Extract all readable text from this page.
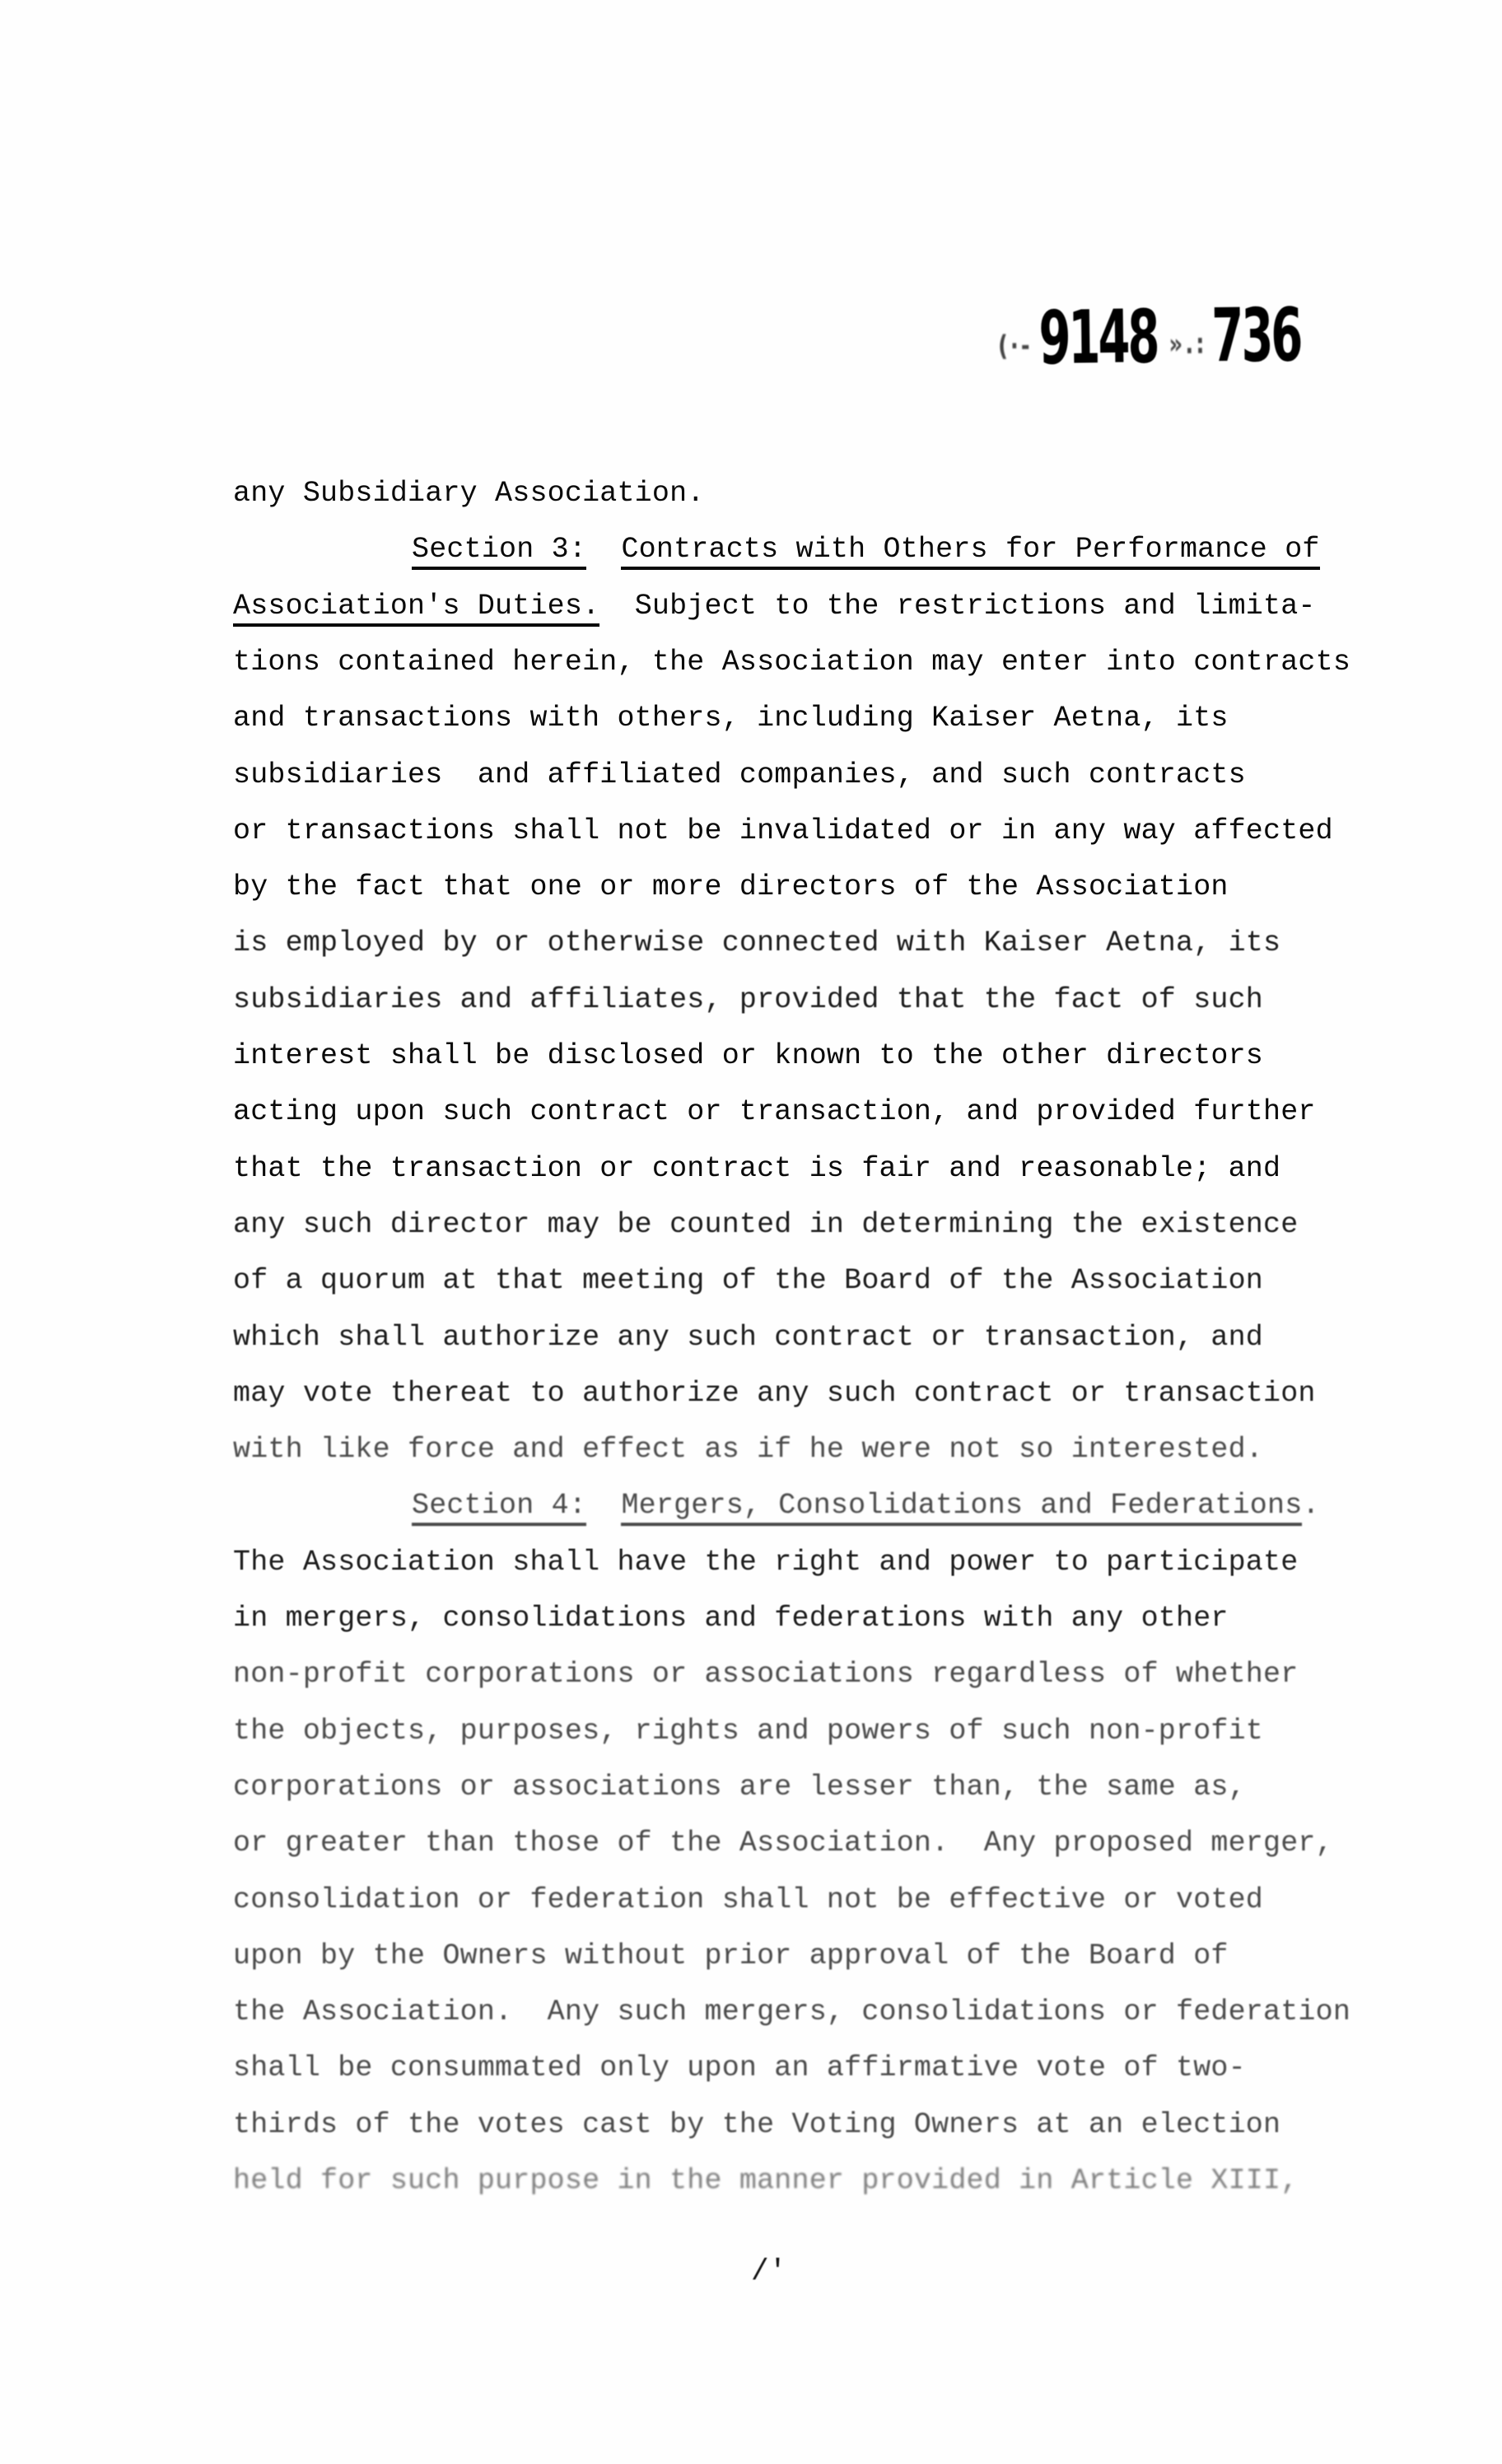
(·- 9148 ».:736
any Subsidiary Association.
Section 3: Contracts with Others for Performance of
Association's Duties.  Subject to the restrictions and limita-
tions contained herein, the Association may enter into contracts
and transactions with others, including Kaiser Aetna, its
subsidiaries  and affiliated companies, and such contracts
or transactions shall not be invalidated or in any way affected
by the fact that one or more directors of the Association
is employed by or otherwise connected with Kaiser Aetna, its
subsidiaries and affiliates, provided that the fact of such
interest shall be disclosed or known to the other directors
acting upon such contract or transaction, and provided further
that the transaction or contract is fair and reasonable; and
any such director may be counted in determining the existence
of a quorum at that meeting of the Board of the Association
which shall authorize any such contract or transaction, and
may vote thereat to authorize any such contract or transaction
with like force and effect as if he were not so interested.
Section 4: Mergers, Consolidations and Federations.
The Association shall have the right and power to participate
in mergers, consolidations and federations with any other
non-profit corporations or associations regardless of whether
the objects, purposes, rights and powers of such non-profit
corporations or associations are lesser than, the same as,
or greater than those of the Association.  Any proposed merger,
consolidation or federation shall not be effective or voted
upon by the Owners without prior approval of the Board of
the Association.  Any such mergers, consolidations or federation
shall be consummated only upon an affirmative vote of two-
thirds of the votes cast by the Voting Owners at an election
held for such purpose in the manner provided in Article XIII,
/'
